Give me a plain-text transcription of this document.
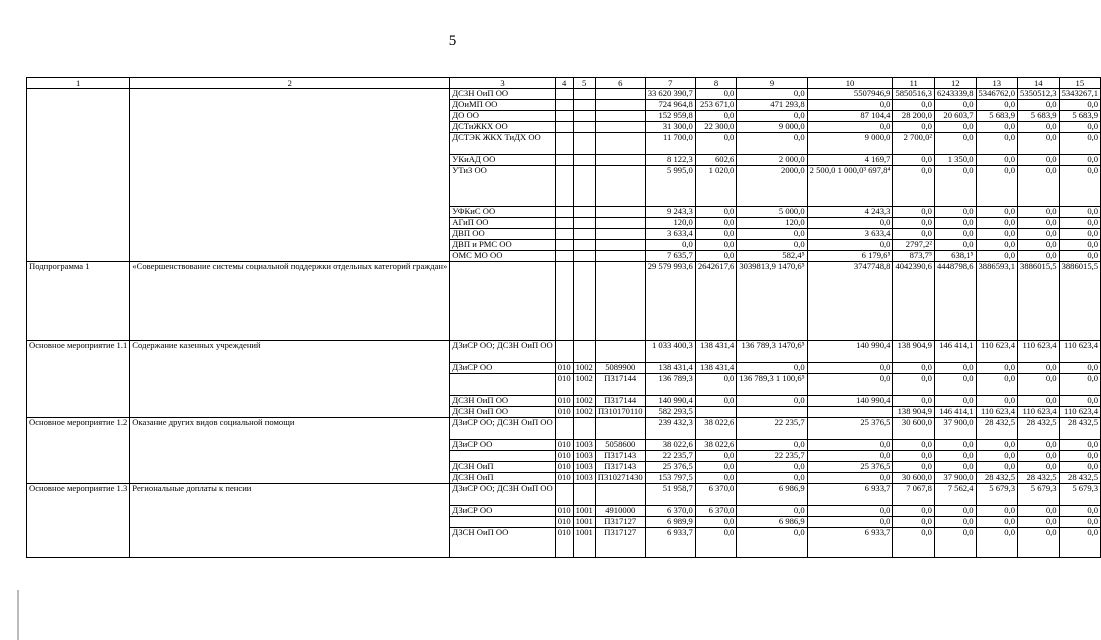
5
1	2	3	4	5	6	7	8	9	10	11	12	13	14	15
		ДСЗН ОиП ОО				33 620 390,7	0,0	0,0	5507946,9	5850516,3	6243339,8	5346762,0	5350512,3	5343267,1
		ДОиМП ОО				724 964,8	253 671,0	471 293,8	0,0	0,0	0,0	0,0	0,0	0,0
		ДО ОО				152 959,8	0,0	0,0	87 104,4	28 200,0	20 603,7	5 683,9	5 683,9	5 683,9
		ДСТиЖКХ ОО				31 300,0	22 300,0	9 000,0	0,0	0,0	0,0	0,0	0,0	0,0
		ДСТЭК ЖКХ ТиДХ ОО				11 700,0	0,0	0,0	9 000,0	2 700,0²	0,0	0,0	0,0	0,0
		УКиАД ОО				8 122,3	602,6	2 000,0	4 169,7	0,0	1 350,0	0,0	0,0	0,0
		УТиЗ ОО				5 995,0	1 020,0	2000,0	2 500,0 1 000,0³ 697,8⁴	0,0	0,0	0,0	0,0	0,0
		УФКиС ОО				9 243,3	0,0	5 000,0	4 243,3	0,0	0,0	0,0	0,0	0,0
		АГиП ОО				120,0	0,0	120,0	0,0	0,0	0,0	0,0	0,0	0,0
		ДВП ОО				3 633,4	0,0	0,0	3 633,4	0,0	0,0	0,0	0,0	0,0
		ДВП и РМС ОО				0,0	0,0	0,0	0,0	2797,2²	0,0	0,0	0,0	0,0
		ОМС МО ОО				7 635,7	0,0	582,4⁵	6 179,6⁵	873,7⁵	638,1⁵	0,0	0,0	0,0
Подпрограмма 1	«Совершенствование системы социальной поддержки отдельных категорий граждан»					29 579 993,6	2642617,6	3039813,9 1470,6⁵	3747748,8	4042390,6	4448798,6	3886593,1	3886015,5	3886015,5
Основное мероприятие 1.1	Содержание казенных учреждений	ДЗиСР ОО; ДСЗН ОиП ОО				1 033 400,3	138 431,4	136 789,3 1470,6⁵	140 990,4	138 904,9	146 414,1	110 623,4	110 623,4	110 623,4
		ДЗиСР ОО	010	1002	5089900	138 431,4	138 431,4	0,0	0,0	0,0	0,0	0,0	0,0	0,0
			010	1002	П317144	136 789,3	0,0	136 789,3 1 100,6⁵	0,0	0,0	0,0	0,0	0,0	0,0
		ДСЗН ОиП ОО	010	1002	П317144	140 990,4	0,0	0,0	140 990,4	0,0	0,0	0,0	0,0	0,0
		ДСЗН ОиП ОО	010	1002	П310170110	582 293,5				138 904,9	146 414,1	110 623,4	110 623,4	110 623,4
Основное мероприятие 1.2	Оказание других видов социальной помощи	ДЗиСР ОО; ДСЗН ОиП ОО				239 432,3	38 022,6	22 235,7	25 376,5	30 600,0	37 900,0	28 432,5	28 432,5	28 432,5
		ДЗиСР ОО	010	1003	5058600	38 022,6	38 022,6	0,0	0,0	0,0	0,0	0,0	0,0	0,0
			010	1003	П317143	22 235,7	0,0	22 235,7	0,0	0,0	0,0	0,0	0,0	0,0
		ДСЗН ОиП	010	1003	П317143	25 376,5	0,0	0,0	25 376,5	0,0	0,0	0,0	0,0	0,0
		ДСЗН ОиП	010	1003	П310271430	153 797,5	0,0	0,0	0,0	30 600,0	37 900,0	28 432,5	28 432,5	28 432,5
Основное мероприятие 1.3	Региональные доплаты к пенсии	ДЗиСР ОО; ДСЗН ОиП ОО				51 958,7	6 370,0	6 986,9	6 933,7	7 067,8	7 562,4	5 679,3	5 679,3	5 679,3
		ДЗиСР ОО	010	1001	4910000	6 370,0	6 370,0	0,0	0,0	0,0	0,0	0,0	0,0	0,0
			010	1001	П317127	6 989,9	0,0	6 986,9	0,0	0,0	0,0	0,0	0,0	0,0
		ДЗСН ОиП ОО	010	1001	П317127	6 933,7	0,0	0,0	6 933,7	0,0	0,0	0,0	0,0	0,0
